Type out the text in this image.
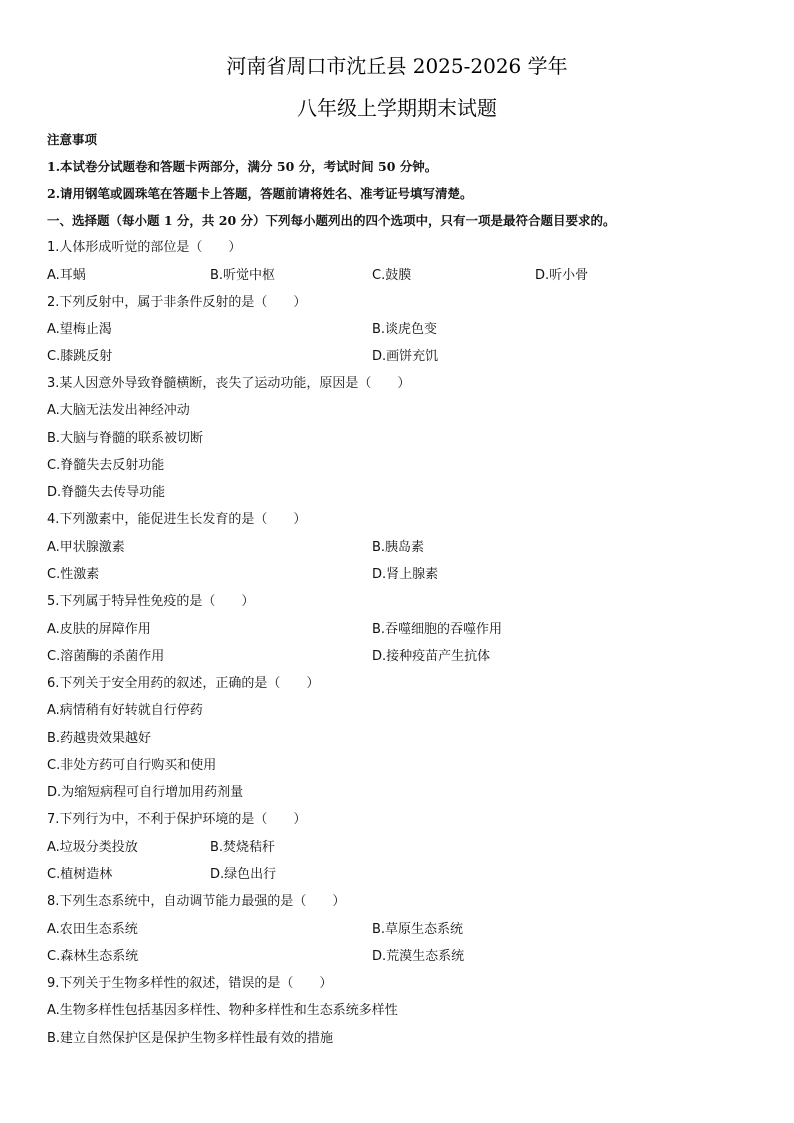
河南省周口市沈丘县 2025-2026 学年
八年级上学期期末试题
注意事项
1.本试卷分试题卷和答题卡两部分，满分 50 分，考试时间 50 分钟。
2.请用钢笔或圆珠笔在答题卡上答题，答题前请将姓名、准考证号填写清楚。
一、选择题（每小题 1 分，共 20 分）下列每小题列出的四个选项中，只有一项是最符合题目要求的。
1.人体形成听觉的部位是（　　）
A.耳蜗	B.听觉中枢	C.鼓膜	D.听小骨
2.下列反射中，属于非条件反射的是（　　）
A.望梅止渴	B.谈虎色变
C.膝跳反射	D.画饼充饥
3.某人因意外导致脊髓横断，丧失了运动功能，原因是（　　）
A.大脑无法发出神经冲动
B.大脑与脊髓的联系被切断
C.脊髓失去反射功能
D.脊髓失去传导功能
4.下列激素中，能促进生长发育的是（　　）
A.甲状腺激素	B.胰岛素
C.性激素	D.肾上腺素
5.下列属于特异性免疫的是（　　）
A.皮肤的屏障作用	B.吞噬细胞的吞噬作用
C.溶菌酶的杀菌作用	D.接种疫苗产生抗体
6.下列关于安全用药的叙述，正确的是（　　）
A.病情稍有好转就自行停药
B.药越贵效果越好
C.非处方药可自行购买和使用
D.为缩短病程可自行增加用药剂量
7.下列行为中，不利于保护环境的是（　　）
A.垃圾分类投放	B.焚烧秸秆
C.植树造林	D.绿色出行
8.下列生态系统中，自动调节能力最强的是（　　）
A.农田生态系统	B.草原生态系统
C.森林生态系统	D.荒漠生态系统
9.下列关于生物多样性的叙述，错误的是（　　）
A.生物多样性包括基因多样性、物种多样性和生态系统多样性
B.建立自然保护区是保护生物多样性最有效的措施
